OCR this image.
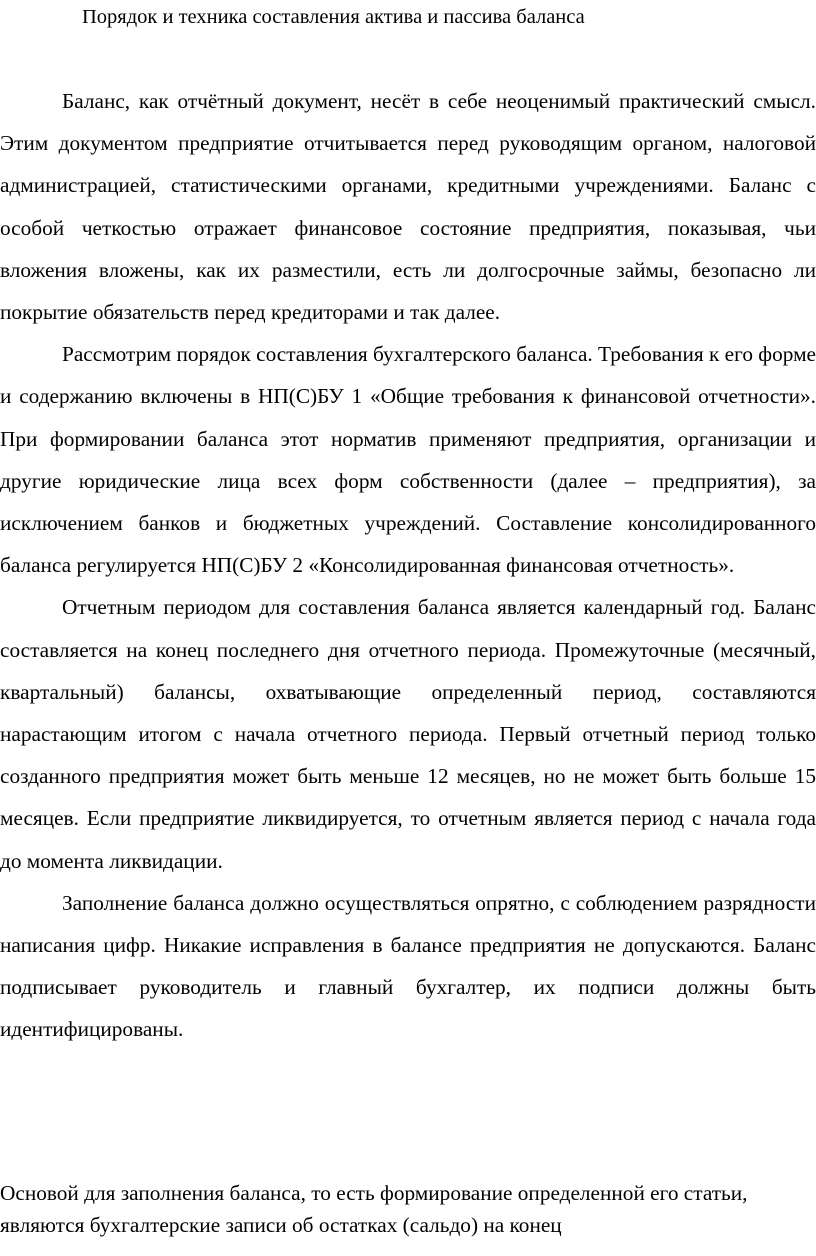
Порядок и техника составления актива и пассива баланса

Баланс, как отчётный документ, несёт в себе неоценимый практический смысл. Этим документом предприятие отчитывается перед руководящим органом, налоговой администрацией, статистическими органами, кредитными учреждениями. Баланс с особой четкостью отражает финансовое состояние предприятия, показывая, чьи вложения вложены, как их разместили, есть ли долгосрочные займы, безопасно ли покрытие обязательств перед кредиторами и так далее.

Рассмотрим порядок составления бухгалтерского баланса. Требования к его форме и содержанию включены в НП(С)БУ 1 «Общие требования к финансовой отчетности». При формировании баланса этот норматив применяют предприятия, организации и другие юридические лица всех форм собственности (далее – предприятия), за исключением банков и бюджетных учреждений. Составление консолидированного баланса регулируется НП(С)БУ 2 «Консолидированная финансовая отчетность».

Отчетным периодом для составления баланса является календарный год. Баланс составляется на конец последнего дня отчетного периода. Промежуточные (месячный, квартальный) балансы, охватывающие определенный период, составляются нарастающим итогом с начала отчетного периода. Первый отчетный период только созданного предприятия может быть меньше 12 месяцев, но не может быть больше 15 месяцев. Если предприятие ликвидируется, то отчетным является период с начала года до момента ликвидации.

Заполнение баланса должно осуществляться опрятно, с соблюдением разрядности написания цифр. Никакие исправления в балансе предприятия не допускаются. Баланс подписывает руководитель и главный бухгалтер, их подписи должны быть идентифицированы.

Основой для заполнения баланса, то есть формирование определенной его статьи, являются бухгалтерские записи об остатках (сальдо) на конец
